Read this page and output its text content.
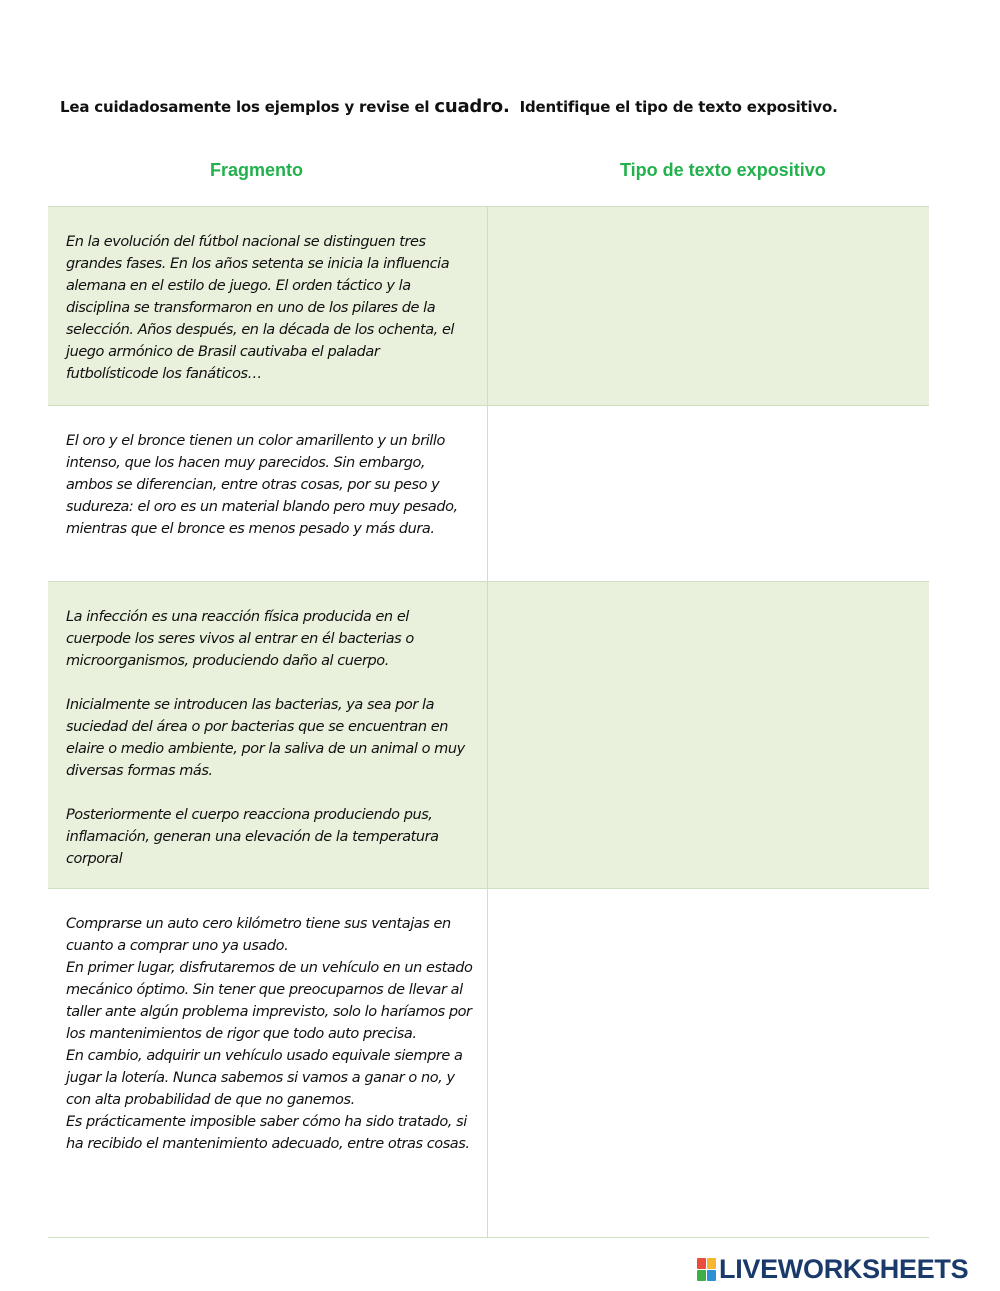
Lea cuidadosamente los ejemplos y revise el cuadro.  Identifique el tipo de texto expositivo.
Fragmento	Tipo de texto expositivo

En la evolución del fútbol nacional se distinguen tres grandes fases. En los años setenta se inicia la influencia alemana en el estilo de juego. El orden táctico y la disciplina se transformaron en uno de los pilares de la selección. Años después, en la década de los ochenta, el juego armónico de Brasil cautivaba el paladar futbolísticode los fanáticos…

El oro y el bronce tienen un color amarillento y un brillo intenso, que los hacen muy parecidos. Sin embargo, ambos se diferencian, entre otras cosas, por su peso y sudureza: el oro es un material blando pero muy pesado, mientras que el bronce es menos pesado y más dura.

La infección es una reacción física producida en el cuerpode los seres vivos al entrar en él bacterias o microorganismos, produciendo daño al cuerpo.

Inicialmente se introducen las bacterias, ya sea por la suciedad del área o por bacterias que se encuentran en elaire o medio ambiente, por la saliva de un animal o muy diversas formas más.

Posteriormente el cuerpo reacciona produciendo pus, inflamación, generan una elevación de la temperatura corporal

Comprarse un auto cero kilómetro tiene sus ventajas en cuanto a comprar uno ya usado.

En primer lugar, disfrutaremos de un vehículo en un estado mecánico óptimo. Sin tener que preocuparnos de llevar al taller ante algún problema imprevisto, solo lo haríamos por los mantenimientos de rigor que todo auto precisa.

En cambio, adquirir un vehículo usado equivale siempre a jugar la lotería. Nunca sabemos si vamos a ganar o no, y con alta probabilidad de que no ganemos.

Es prácticamente imposible saber cómo ha sido tratado, si ha recibido el mantenimiento adecuado, entre otras cosas.

LIVEWORKSHEETS
